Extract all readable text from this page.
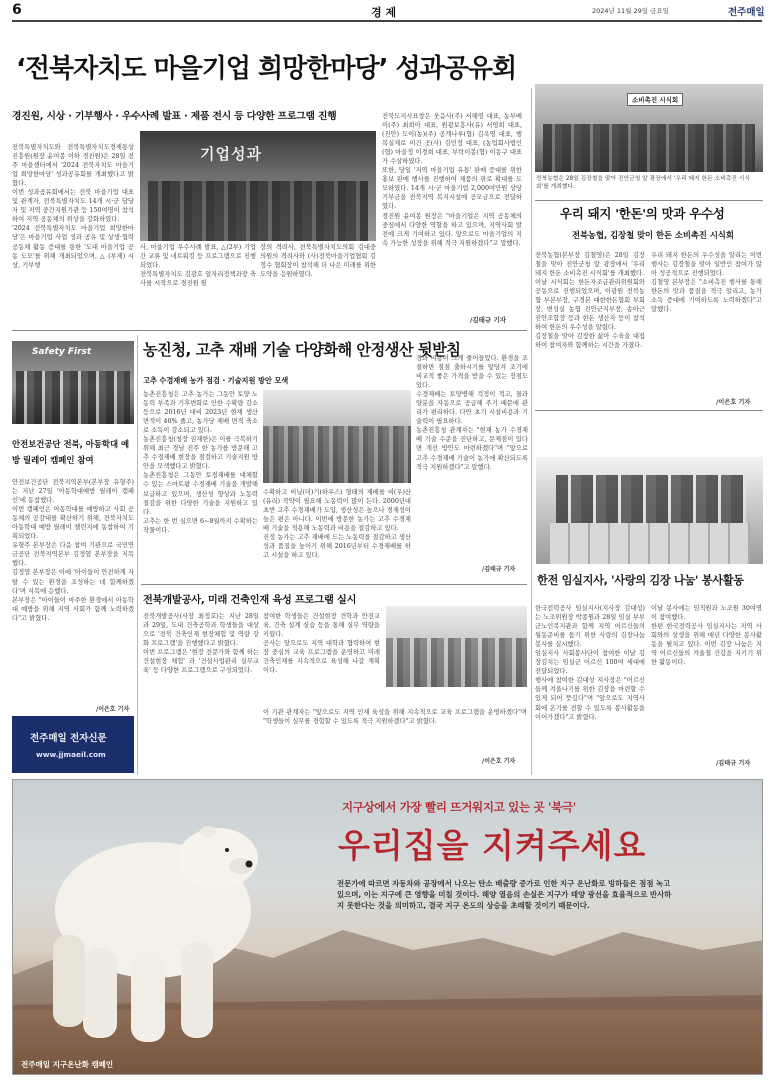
6	경 제	2024년 11월 29일 금요일	전주매일
‘전북자치도 마을기업 희망한마당’ 성과공유회
경진원, 시상 · 기부행사 · 우수사례 발표 · 제품 전시 등 다양한 프로그램 진행
전북특별자치도와 전북특별자치도경제통상진흥원(원장 윤여봉 이하 경진원)은 28일 전주 마을센터에서 '2024 전북자치도 마을기업 희망한마당' 성과공유회를 개최했다고 밝혔다.
이번 성과공유회에서는 전북 마을기업 대표 및 관계자, 전북특별자치도 14개 시·군 담당자 및 지역 중간지원기관 등 150여명이 참석하여 지역 공동체의 위상을 강화하였다.
'2024 전북특별자치도 마을기업 희망한마당'은 마을기업 사업 성과 공유 및 상생·협력 공동체 활동 증대를 통한 '도내 마을기업 공동 도모'를 위해 개최되었으며, △ (부제) 시상, 기부행
기업성과
사, 마을기업 우수사례 발표, △(2부) 기업 간 교류 및 네트워킹 등 프로그램으로 진행되었다.
전북특별자치도 김광호 일자리정책과장 축사를 시작으로 경진원 원
장의 격려사, 전북특별자치도의회 김대중의원의 격려사와 (사)전북마을기업협회 김정수 협회장이 참석해 더 나은 미래를 위한 도약을 응원하였다.
전북도지사표창은 웃음사(주) 서해영 대표, 농부베이(주) 최희아 대표, 원광보흥사(유) 서영희 대표, (진안) 도이(농)(주) 공개나루(협) 김옥영 대표, 행복실제로 이건 곳(사) 김민정 대표, (농업회사법인(협) 마을정 이경희 대표, 부탁이봉(협) 이동구 대표가 수상하였다.
또한, 당일 '지역 마을기업 유통' 판매 증대를 위한 홍보 판매 행사를 진행하여 제품의 판로 확대를 도모하였다. 14개 시·군 마을기업 2,000여만원 상당 기부금을 전북지역 복지시설에 공모금으로 전달하였다.
경진원 윤여봉 원장은 "마을기업은 지역 공동체의 중심에서 다양한 역할을 하고 있으며, 지역사회 발전에 크게 기여하고 있다. 앞으로도 마을기업의 지속 가능한 성장을 위해 적극 지원하겠다"고 말했다.
/김태규 기자
소비촉진 시식회
전북농협은 28일 김장철을 맞아 진안군청 앞 광장에서 '우리 돼지 한돈 소비촉진 시식회'를 개최했다.
우리 돼지 '한돈'의 맛과 우수성
전북농협, 김장철 맞이 한돈 소비촉진 시식회
전북농협(본부장 김철영)은 28일 김장철을 맞아 진안군청 앞 광장에서 '우리 돼지 한돈 소비촉진 시식회'를 개최했다.
이날 시식회는 한돈자조금관리위원회와 공동으로 진행되었으며, 이광원 전북농협 부본부장, 구경본 대한한돈협회 부회장, 변성실 농협 진안군지부장, 송아근 진안조합장 등과 한돈 생산자 등이 참석하여 한돈의 우수성을 알렸다.
김장철을 맞아 김장한 삶아 수육을 대접하여 참여자와 함께하는 시간을 가졌다.
우리 돼지 한돈의 우수성을 알리는 이번 행사는 김장철을 맞아 일반인 참여가 많아 성공적으로 진행되었다.
김철영 본부장은 "소비촉진 행사를 통해 한돈의 맛과 품질을 적극 알리고, 농가 소득 증대에 기여하도록 노력하겠다"고 말했다.
/이은호 기자
Safety First
안전보건공단 전북, 아동학대 예방 릴레이 캠페인 참여
안전보건공단 전북지역본부(본부장 유형주)는 지난 27일 '아동학대예방 릴레이 캠페인'에 동참했다.
이번 캠페인은 아동학대를 예방하고 사회 공동체의 공감대를 확산하기 위해, 전북자치도 아동학대 예방 릴레이 챌린지에 동참하여 기획되었다.
유형주 본부장은 다음 참여 기관으로 국민연금공단 전북지역본부 김정엽 본부장을 지목했다.
김정엽 본부장은 이에 '아이들이 안전하게 자랄 수 있는 환경을 조성하는 데 함께하겠다'며 지목에 응했다.
본부장은 "아이들이 마주한 환경에서 아동학대 예방을 위해 지역 사회가 함께 노력하겠다"고 밝혔다.
/이은호 기자
전주매일 전자신문
www.jjmaeil.com
농진청, 고추 재배 기술 다양화해 안정생산 뒷받침
고추 수경재배 농가 점검 · 기술지원 방안 모색
농촌진흥청은 고추 농가는 그동안 토양 노동력 부족과 기후변화로 인한 수확량 감소 등으로 2016년 대비 2023년 현재 생산 면적이 40% 줄고, 농가당 재배 면적 축소로 소득이 감소되고 있다.
농촌진흥청(청장 권재한)은 이를 극복하기 위해 최근 경남 진주 한 농가를 방문해 고추 수경재배 현장을 점검하고 기술지원 방안을 모색했다고 밝혔다.
농촌진흥청은 그동안 토경재배를 대체할 수 있는 스마트팜 수경재배 기술을 개발해 보급하고 있으며, 생산성 향상과 노동력 절감을 위한 다양한 기술을 지원하고 있다.
고추는 한 번 심으면 6~8월까지 수확하는 작물이다.
수확하고 비닐(미)기(하우스) 형태의 재배를 비(우)산(유리) 작약이 필요해 노동력이 많이 든다. 2000년대 초반 고추 수경재배가 도입, 생산성은 높으나 경제성이 높은 편은 아니다. 이번에 방문한 농가는 고추 수경재배 기술을 적용해 노동력과 비용을 절감하고 있다.
진정 농가는 고추 재배에 드는 노동력을 절감하고 생산성과 품질을 높이기 위해 2016년부터 수경재배를 하고 시설을 하고 있다.
경과 비용이 크게 줄어들었다. 환경을 조절하면 점점 출하시기를 앞당겨 조기에 비교적 좋은 가격을 받을 수 있는 장점도 있다.
수경재배는 토양병해 걱정이 적고, 물과 양분을 자동으로 공급해 주기 때문에 관리가 편리하다. 다만 초기 시설비용과 기술력이 필요하다.
농촌진흥청 관계자는 "현재 농가 수경재배 기술 수준을 진단하고, 문제점이 있다면 개선 방안도 마련하겠다"며 "앞으로 고추 수경재배 기술이 농가에 확산되도록 적극 지원하겠다"고 말했다.
/김태규 기자
전북개발공사, 미래 건축인재 육성 프로그램 실시
전북개발공사(사장 최정호)는 지난 28일과 29일, 도내 건축공학과 학생들을 대상으로 '전북 건축인재 현장체험 및 역량 강화 프로그램'을 진행했다고 밝혔다.
이번 프로그램은 '현장 전문가와 함께 하는 건설현장 체험' 과 '건설사업관리 실무교육' 등 다양한 프로그램으로 구성되었다.
참여한 학생들은 건설현장 견학과 안전교육, 건축 설계 실습 등을 통해 실무 역량을 키웠다.
공사는 앞으로도 지역 대학과 협력하여 현장 중심의 교육 프로그램을 운영하고 미래 건축인재를 지속적으로 육성해 나갈 계획이다.
이 기관 관계자는 "앞으로도 지역 인재 육성을 위해 지속적으로 교육 프로그램을 운영하겠다"며 "학생들이 실무를 경험할 수 있도록 적극 지원하겠다"고 밝혔다.
/이은호 기자
한전 임실지사, '사랑의 김장 나눔' 봉사활동
한국전력공사 임실지사(지사장 김대성)는 노조위원장 박종원과 28일 임실 부부군노인복지관과 함께 지역 어르신들의 월동준비를 돕기 위한 사랑의 김장나눔 봉사를 실시했다.
임실지사 사회봉사단이 참여한 이날 김장김치는 임실군 어르신 100여 세대에 전달되었다.
행사에 참여한 김대성 지사장은 "어르신들께 겨울나기를 위한 김장을 마련할 수 있게 되어 뜻깊다"며 "앞으로도 지역사회에 온기를 전할 수 있도록 봉사활동을 이어가겠다"고 밝혔다.
이날 봉사에는 임직원과 노조원 30여명이 참여했다.
한편 한국전력공사 임실지사는 지역 사회와의 상생을 위해 매년 다양한 봉사활동을 펼치고 있다. 이번 김장 나눔은 지역 어르신들의 겨울철 건강을 지키기 위한 활동이다.
/김태규 기자
지구상에서 가장 빨리 뜨거워지고 있는 곳 '북극'
우리집을 지켜주세요
전문가에 따르면 자동차와 공장에서 나오는 탄소 배출량 증가로 인한 지구 온난화로 빙하들은 점점 녹고 있으며, 이는 지구에 큰 영향을 미칠 것이다. 해양 열음의 손실은 지구가 태양 광선을 효율적으로 반사하지 못한다는 것을 의미하고, 결국 지구 온도의 상승을 초래할 것이기 때문이다.
전주매일 지구온난화 캠페인
